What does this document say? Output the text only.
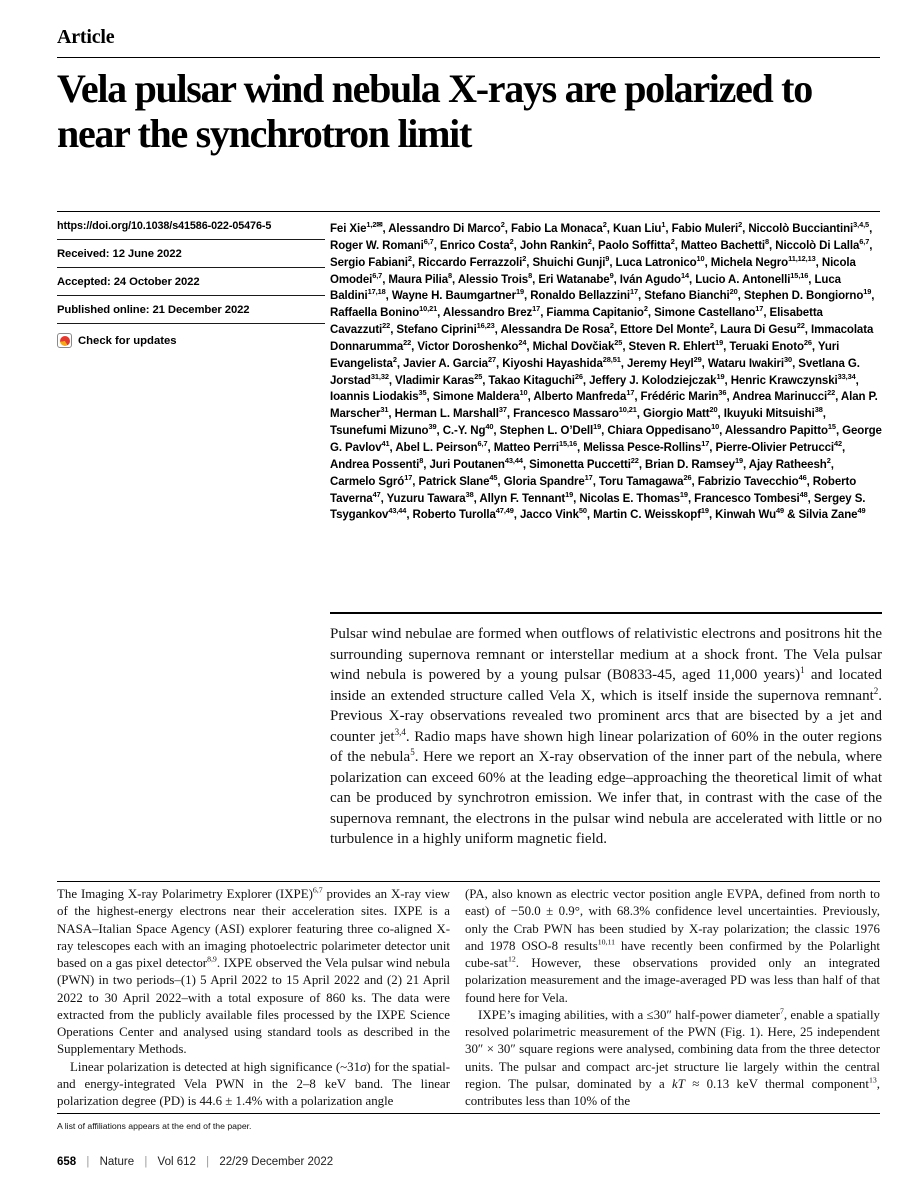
Article
Vela pulsar wind nebula X-rays are polarized to near the synchrotron limit
https://doi.org/10.1038/s41586-022-05476-5
Received: 12 June 2022
Accepted: 24 October 2022
Published online: 21 December 2022
Check for updates
Fei Xie$^{1,2✉}$, Alessandro Di Marco$^2$, Fabio La Monaca$^2$, Kuan Liu$^1$, Fabio Muleri$^2$, Niccolò Bucciantini$^{3,4,5}$, Roger W. Romani$^{6,7}$, Enrico Costa$^2$, John Rankin$^2$, Paolo Soffitta$^2$, Matteo Bachetti$^8$, Niccolò Di Lalla$^{6,7}$, Sergio Fabiani$^2$, Riccardo Ferrazzoli$^2$, Shuichi Gunji$^9$, Luca Latronico$^{10}$, Michela Negro$^{11,12,13}$, Nicola Omodei$^{6,7}$, Maura Pilia$^8$, Alessio Trois$^8$, Eri Watanabe$^9$, Iván Agudo$^{14}$, Lucio A. Antonelli$^{15,16}$, Luca Baldini$^{17,18}$, Wayne H. Baumgartner$^{19}$, Ronaldo Bellazzini$^{17}$, Stefano Bianchi$^{20}$, Stephen D. Bongiorno$^{19}$, Raffaella Bonino$^{10,21}$, Alessandro Brez$^{17}$, Fiamma Capitanio$^2$, Simone Castellano$^{17}$, Elisabetta Cavazzuti$^{22}$, Stefano Ciprini$^{16,23}$, Alessandra De Rosa$^2$, Ettore Del Monte$^2$, Laura Di Gesu$^{22}$, Immacolata Donnarumma$^{22}$, Victor Doroshenko$^{24}$, Michal Dovčiak$^{25}$, Steven R. Ehlert$^{19}$, Teruaki Enoto$^{26}$, Yuri Evangelista$^2$, Javier A. Garcia$^{27}$, Kiyoshi Hayashida$^{28,51}$, Jeremy Heyl$^{29}$, Wataru Iwakiri$^{30}$, Svetlana G. Jorstad$^{31,32}$, Vladimir Karas$^{25}$, Takao Kitaguchi$^{26}$, Jeffery J. Kolodziejczak$^{19}$, Henric Krawczynski$^{33,34}$, Ioannis Liodakis$^{35}$, Simone Maldera$^{10}$, Alberto Manfreda$^{17}$, Frédéric Marin$^{36}$, Andrea Marinucci$^{22}$, Alan P. Marscher$^{31}$, Herman L. Marshall$^{37}$, Francesco Massaro$^{10,21}$, Giorgio Matt$^{20}$, Ikuyuki Mitsuishi$^{38}$, Tsunefumi Mizuno$^{39}$, C.-Y. Ng$^{40}$, Stephen L. O’Dell$^{19}$, Chiara Oppedisano$^{10}$, Alessandro Papitto$^{15}$, George G. Pavlov$^{41}$, Abel L. Peirson$^{6,7}$, Matteo Perri$^{15,16}$, Melissa Pesce-Rollins$^{17}$, Pierre-Olivier Petrucci$^{42}$, Andrea Possenti$^8$, Juri Poutanen$^{43,44}$, Simonetta Puccetti$^{22}$, Brian D. Ramsey$^{19}$, Ajay Ratheesh$^2$, Carmelo Sgró$^{17}$, Patrick Slane$^{45}$, Gloria Spandre$^{17}$, Toru Tamagawa$^{26}$, Fabrizio Tavecchio$^{46}$, Roberto Taverna$^{47}$, Yuzuru Tawara$^{38}$, Allyn F. Tennant$^{19}$, Nicolas E. Thomas$^{19}$, Francesco Tombesi$^{48}$, Sergey S. Tsygankov$^{43,44}$, Roberto Turolla$^{47,49}$, Jacco Vink$^{50}$, Martin C. Weisskopf$^{19}$, Kinwah Wu$^{49}$ & Silvia Zane$^{49}$

Pulsar wind nebulae are formed when outflows of relativistic electrons and positrons hit the surrounding supernova remnant or interstellar medium at a shock front. The Vela pulsar wind nebula is powered by a young pulsar (B0833-45, aged 11,000 years)$^1$ and located inside an extended structure called Vela X, which is itself inside the supernova remnant$^2$. Previous X-ray observations revealed two prominent arcs that are bisected by a jet and counter jet$^{3,4}$. Radio maps have shown high linear polarization of 60% in the outer regions of the nebula$^5$. Here we report an X-ray observation of the inner part of the nebula, where polarization can exceed 60% at the leading edge–approaching the theoretical limit of what can be produced by synchrotron emission. We infer that, in contrast with the case of the supernova remnant, the electrons in the pulsar wind nebula are accelerated with little or no turbulence in a highly uniform magnetic field.

The Imaging X-ray Polarimetry Explorer (IXPE)$^{6,7}$ provides an X-ray view of the highest-energy electrons near their acceleration sites. IXPE is a NASA–Italian Space Agency (ASI) explorer featuring three co-aligned X-ray telescopes each with an imaging photoelectric polarimeter detector unit based on a gas pixel detector$^{8,9}$. IXPE observed the Vela pulsar wind nebula (PWN) in two periods–(1) 5 April 2022 to 15 April 2022 and (2) 21 April 2022 to 30 April 2022–with a total exposure of 860 ks. The data were extracted from the publicly available files processed by the IXPE Science Operations Center and analysed using standard tools as described in the Supplementary Methods.

Linear polarization is detected at high significance (~31σ) for the spatial- and energy-integrated Vela PWN in the 2–8 keV band. The linear polarization degree (PD) is 44.6 ± 1.4% with a polarization angle

(PA, also known as electric vector position angle EVPA, defined from north to east) of −50.0 ± 0.9°, with 68.3% confidence level uncertainties. Previously, only the Crab PWN has been studied by X-ray polarization; the classic 1976 and 1978 OSO-8 results$^{10,11}$ have recently been confirmed by the Polarlight cube-sat$^{12}$. However, these observations provided only an integrated polarization measurement and the image-averaged PD was less than half of that found here for Vela.

IXPE’s imaging abilities, with a ≤30″ half-power diameter$^7$, enable a spatially resolved polarimetric measurement of the PWN (Fig. 1). Here, 25 independent 30″ × 30″ square regions were analysed, combining data from the three detector units. The pulsar and compact arc-jet structure lie largely within the central region. The pulsar, dominated by a kT ≈ 0.13 keV thermal component$^{13}$, contributes less than 10% of the

A list of affiliations appears at the end of the paper.
658 | Nature | Vol 612 | 22/29 December 2022
